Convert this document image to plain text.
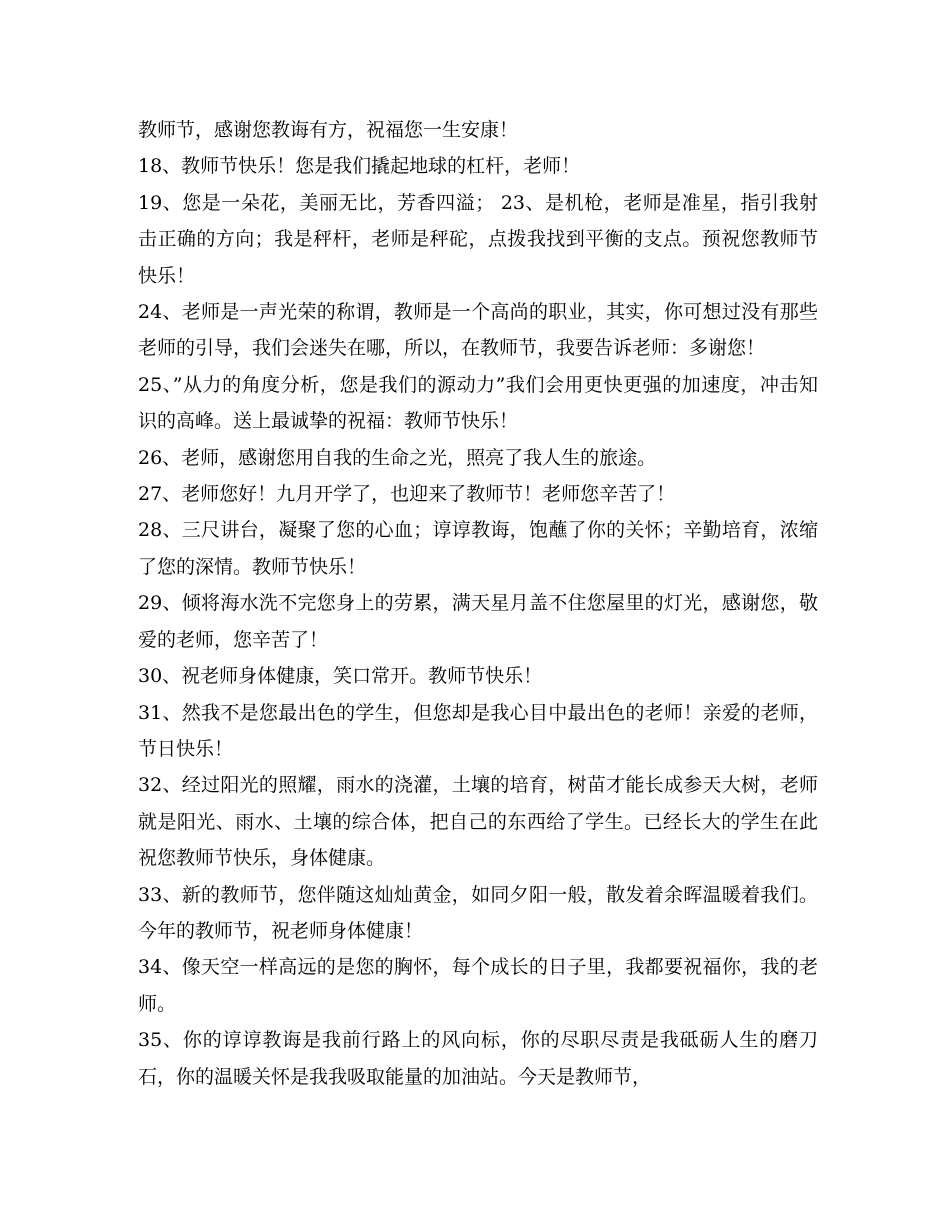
教师节，感谢您教诲有方，祝福您一生安康！

18、教师节快乐！您是我们撬起地球的杠杆，老师！

19、您是一朵花，美丽无比，芳香四溢； 23、是机枪，老师是准星，指引我射击正确的方向；我是秤杆，老师是秤砣，点拨我找到平衡的支点。预祝您教师节快乐！

24、老师是一声光荣的称谓，教师是一个高尚的职业，其实，你可想过没有那些老师的引导，我们会迷失在哪，所以，在教师节，我要告诉老师：多谢您！

25、”从力的角度分析，您是我们的源动力”我们会用更快更强的加速度，冲击知识的高峰。送上最诚挚的祝福：教师节快乐！

26、老师，感谢您用自我的生命之光，照亮了我人生的旅途。

27、老师您好！九月开学了，也迎来了教师节！老师您辛苦了！

28、三尺讲台，凝聚了您的心血；谆谆教诲，饱蘸了你的关怀；辛勤培育，浓缩了您的深情。教师节快乐！

29、倾将海水洗不完您身上的劳累，满天星月盖不住您屋里的灯光，感谢您，敬爱的老师，您辛苦了！

30、祝老师身体健康，笑口常开。教师节快乐！

31、然我不是您最出色的学生，但您却是我心目中最出色的老师！亲爱的老师，节日快乐！

32、经过阳光的照耀，雨水的浇灌，土壤的培育，树苗才能长成参天大树，老师就是阳光、雨水、土壤的综合体，把自己的东西给了学生。已经长大的学生在此祝您教师节快乐，身体健康。

33、新的教师节，您伴随这灿灿黄金，如同夕阳一般，散发着余晖温暖着我们。今年的教师节，祝老师身体健康！

34、像天空一样高远的是您的胸怀，每个成长的日子里，我都要祝福你，我的老师。

35、你的谆谆教诲是我前行路上的风向标，你的尽职尽责是我砥砺人生的磨刀石，你的温暖关怀是我我吸取能量的加油站。今天是教师节，
